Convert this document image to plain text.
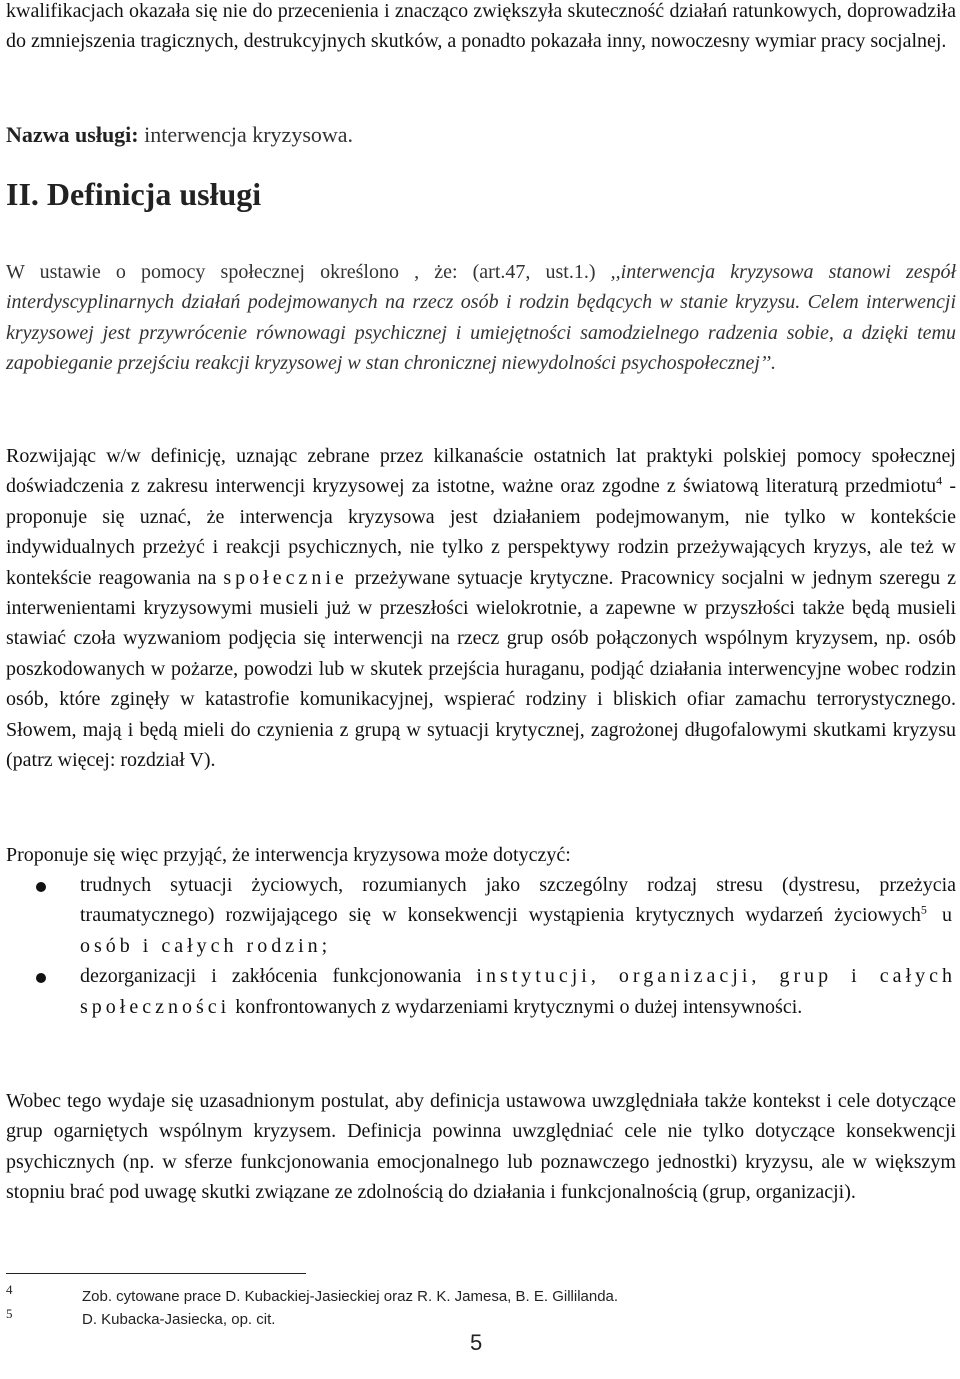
kwalifikacjach okazała się nie do przecenienia i znacząco zwiększyła skuteczność działań ratunkowych, doprowadziła do zmniejszenia tragicznych, destrukcyjnych skutków, a ponadto pokazała inny, nowoczesny wymiar pracy socjalnej.
Nazwa usługi: interwencja kryzysowa.
II. Definicja usługi
W ustawie o pomocy społecznej określono , że: (art.47, ust.1.) ,,interwencja kryzysowa stanowi zespół interdyscyplinarnych działań podejmowanych na rzecz osób i rodzin będących w stanie kryzysu. Celem interwencji kryzysowej jest przywrócenie równowagi psychicznej i umiejętności samodzielnego radzenia sobie, a dzięki temu zapobieganie przejściu reakcji kryzysowej w stan chronicznej niewydolności psychospołecznej’’.
Rozwijając w/w definicję, uznając zebrane przez kilkanaście ostatnich lat praktyki polskiej pomocy społecznej doświadczenia z zakresu interwencji kryzysowej za istotne, ważne oraz zgodne z światową literaturą przedmiotu$^4$ - proponuje się uznać, że interwencja kryzysowa jest działaniem podejmowanym, nie tylko w kontekście indywidualnych przeżyć i reakcji psychicznych, nie tylko z perspektywy rodzin przeżywających kryzys, ale też w kontekście reagowania na społecznie przeżywane sytuacje krytyczne. Pracownicy socjalni w jednym szeregu z interwenientami kryzysowymi musieli już w przeszłości wielokrotnie, a zapewne w przyszłości także będą musieli stawiać czoła wyzwaniom podjęcia się interwencji na rzecz grup osób połączonych wspólnym kryzysem, np. osób poszkodowanych w pożarze, powodzi lub w skutek przejścia huraganu, podjąć działania interwencyjne wobec rodzin osób, które zginęły w katastrofie komunikacyjnej, wspierać rodziny i bliskich ofiar zamachu terrorystycznego. Słowem, mają i będą mieli do czynienia z grupą w sytuacji krytycznej, zagrożonej długofalowymi skutkami kryzysu (patrz więcej: rozdział V).
Proponuje się więc przyjąć, że interwencja kryzysowa może dotyczyć:
trudnych sytuacji życiowych, rozumianych jako szczególny rodzaj stresu (dystresu, przeżycia traumatycznego) rozwijającego się w konsekwencji wystąpienia krytycznych wydarzeń życiowych$^5$ u osób i całych rodzin;
dezorganizacji i zakłócenia funkcjonowania instytucji, organizacji, grup i całych społeczności konfrontowanych z wydarzeniami krytycznymi o dużej intensywności.
Wobec tego wydaje się uzasadnionym postulat, aby definicja ustawowa uwzględniała także kontekst i cele dotyczące grup ogarniętych wspólnym kryzysem. Definicja powinna uwzględniać cele nie tylko dotyczące konsekwencji psychicznych (np. w sferze funkcjonowania emocjonalnego lub poznawczego jednostki) kryzysu, ale w większym stopniu brać pod uwagę skutki związane ze zdolnością do działania i funkcjonalnością (grup, organizacji).
4	Zob. cytowane prace D. Kubackiej-Jasieckiej oraz R. K. Jamesa, B. E. Gillilanda.
5	D. Kubacka-Jasiecka, op. cit.
5
